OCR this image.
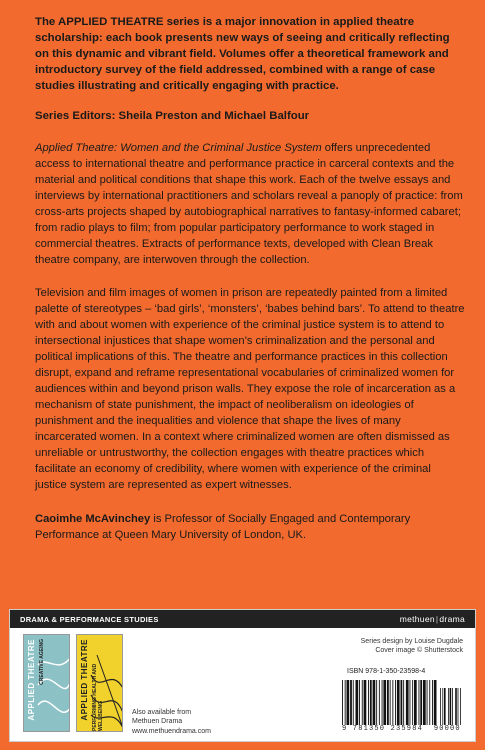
The APPLIED THEATRE series is a major innovation in applied theatre scholarship: each book presents new ways of seeing and critically reflecting on this dynamic and vibrant field. Volumes offer a theoretical framework and introductory survey of the field addressed, combined with a range of case studies illustrating and critically engaging with practice.

Series Editors: Sheila Preston and Michael Balfour

Applied Theatre: Women and the Criminal Justice System offers unprecedented access to international theatre and performance practice in carceral contexts and the material and political conditions that shape this work. Each of the twelve essays and interviews by international practitioners and scholars reveal a panoply of practice: from cross-arts projects shaped by autobiographical narratives to fantasy-informed cabaret; from radio plays to film; from popular participatory performance to work staged in commercial theatres. Extracts of performance texts, developed with Clean Break theatre company, are interwoven through the collection.

Television and film images of women in prison are repeatedly painted from a limited palette of stereotypes – ‘bad girls’, ‘monsters’, ‘babes behind bars’. To attend to theatre with and about women with experience of the criminal justice system is to attend to intersectional injustices that shape women’s criminalization and the personal and political implications of this. The theatre and performance practices in this collection disrupt, expand and reframe representational vocabularies of criminalized women for audiences within and beyond prison walls. They expose the role of incarceration as a mechanism of state punishment, the impact of neoliberalism on ideologies of punishment and the inequalities and violence that shape the lives of many incarcerated women. In a context where criminalized women are often dismissed as unreliable or untrustworthy, the collection engages with theatre practices which facilitate an economy of credibility, where women with experience of the criminal justice system are represented as expert witnesses.

Caoimhe McAvinchey is Professor of Socially Engaged and Contemporary Performance at Queen Mary University of London, UK.

DRAMA & PERFORMANCE STUDIES	methuen|drama
APPLIED THEATRE CREATIVE AGEING	APPLIED THEATRE PERFORMING HEALTH AND WELLBEING	Also available from
Methuen Drama
www.methuendrama.com
Series design by Louise Dugdale
Cover image © Shutterstock
ISBN 978-1-350-23598-4
9 781350 235984 90000
